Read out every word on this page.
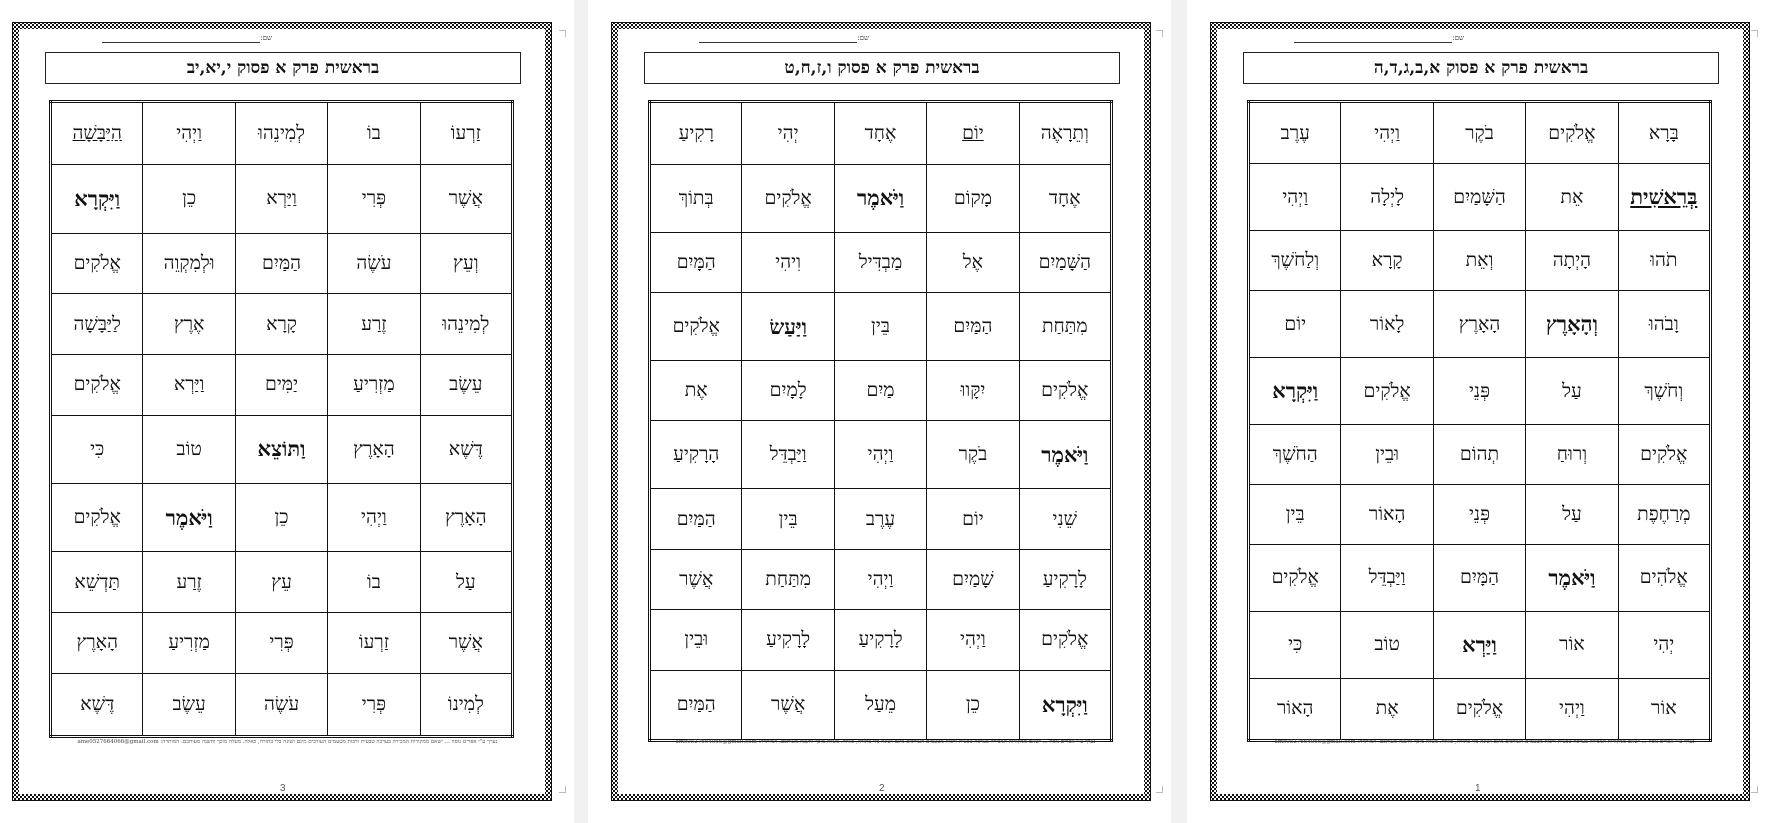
שם:
בראשית פרק א פסוק י,יא,יב
זַרְעוֹ	בוֹ	לְמִינֵהוּ	וַיְהִי	הַיַּבָּשָׁה
אֲשֶׁר	פְּרִי	וַיַּרְא	כֵן	וַיִּקְרָא
וְעֵץ	עֹשֶׂה	הַמַּיִם	וּלְמִקְוֵה	אֱלֹקִים
לְמִינֵהוּ	זֶרַע	קָרָא	אֶרֶץ	לַיַּבָּשָׁה
עֵשֶׂב	מַזְרִיעַ	יַמִּים	וַיַּרְא	אֱלֹקִים
דֶּשֶׁא	הָאָרֶץ	וַתּוֹצֵא	טוֹב	כִּי
הָאָרֶץ	וַיְהִי	כֵן	וַיֹּאמֶר	אֱלֹקִים
עַל	בוֹ	עֵץ	זֶרַע	תַּדְשֵׁא
אֲשֶׁר	זַרְעוֹ	פְּרִי	מַזְרִיעַ	הָאָרֶץ
לְמִינוֹ	פְּרִי	עֹשֶׂה	עֵשֶׂב	דֶּשֶׁא
נערך ע"י אפרים נוסה ... ישאם ממקורות המכירה בערכה טבעית ורבות מטעמים העורכים מינם ושונה בלי בתורה, כאלה. מעלה מוכך וחשנה מעותכם. המותרה: ame0527664066@gmail.com
3
שם:
בראשית פרק א פסוק ו,ז,ח,ט
וְתֵרָאֶה	יוֹם	אֶחָד	יְהִי	רָקִיעַ
אֶחָד	מָקוֹם	וַיֹּאמֶר	אֱלֹקִים	בְּתוֹךְ
הַשָּׁמַיִם	אֶל	מַבְדִּיל	וִיהִי	הַמָּיִם
מִתַּחַת	הַמַּיִם	בֵּין	וַיַּעַשׂ	אֱלֹקִים
אֱלֹקִים	יִקָּווּ	מַיִם	לָמָיִם	אֶת
וַיֹּאמֶר	בֹקֶר	וַיְהִי	וַיַּבְדֵּל	הָרָקִיעַ
שֵׁנִי	יוֹם	עֶרֶב	בֵּין	הַמַּיִם
לָרָקִיעַ	שָׁמַיִם	וַיְהִי	מִתַּחַת	אֲשֶׁר
אֱלֹקִים	וַיְהִי	לָרָקִיעַ	לָרָקִיעַ	וּבֵין
וַיִּקְרָא	כֵן	מֵעַל	אֲשֶׁר	הַמַּיִם
נערך ע"י אפרים נוסה ... ישאם ממקורות המכירה בערכה טבעית ורבות מטעמים העורכים מינם ושונה בלי בתורה, כאלה. מעלה מוכך וחשנה מעותכם. המותרה: ame0527664066@gmail.com
2
שם:
בראשית פרק א פסוק א,ב,ג,ד,ה
בָּרָא	אֱלֹקִים	בֹקֶר	וַיְהִי	עֶרֶב
בְּרֵאשִׁית	אֵת	הַשָּׁמַיִם	לָיְלָה	וַיְהִי
תֹהוּ	הָיְתָה	וְאֵת	קָרָא	וְלַחֹשֶׁךְ
וָבֹהוּ	וְהָאָרֶץ	הָאָרֶץ	לָאוֹר	יוֹם
וְחֹשֶׁךְ	עַל	פְּנֵי	אֱלֹקִים	וַיִּקְרָא
אֱלֹקִים	וְרוּחַ	תְהוֹם	וּבֵין	הַחֹשֶׁךְ
מְרַחֶפֶת	עַל	פְּנֵי	הָאוֹר	בֵּין
אֱלֹהִים	וַיֹּאמֶר	הַמָּיִם	וַיַּבְדֵּל	אֱלֹקִים
יְהִי	אוֹר	וַיַּרְא	טוֹב	כִּי
אוֹר	וַיְהִי	אֱלֹקִים	אֶת	הָאוֹר
נערך ע"י אפרים נוסה ... ישאם ממקורות המכירה בערכה טבעית ורבות מטעמים העורכים מינם ושונה בלי בתורה, כאלה. מעלה מוכך וחשנה מעותכם. המותרה: ame0527664066@gmail.com
1
